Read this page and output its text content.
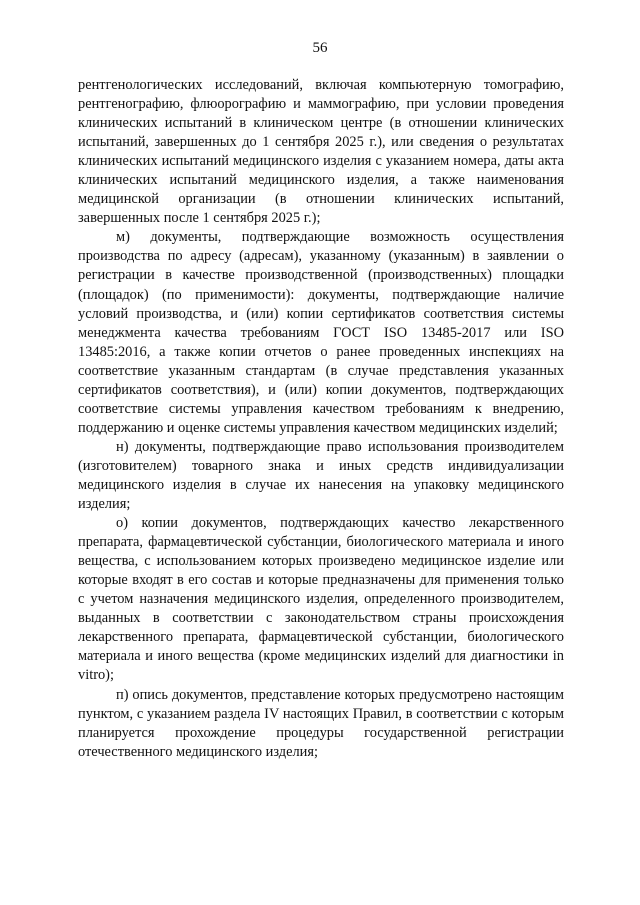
56

рентгенологических исследований, включая компьютерную томографию, рентгенографию, флюорографию и маммографию, при условии проведения клинических испытаний в клиническом центре (в отношении клинических испытаний, завершенных до 1 сентября 2025 г.), или сведения о результатах клинических испытаний медицинского изделия с указанием номера, даты акта клинических испытаний медицинского изделия, а также наименования медицинской организации (в отношении клинических испытаний, завершенных после 1 сентября 2025 г.);

м) документы, подтверждающие возможность осуществления производства по адресу (адресам), указанному (указанным) в заявлении о регистрации в качестве производственной (производственных) площадки (площадок) (по применимости): документы, подтверждающие наличие условий производства, и (или) копии сертификатов соответствия системы менеджмента качества требованиям ГОСТ ISO 13485-2017 или ISO 13485:2016, а также копии отчетов о ранее проведенных инспекциях на соответствие указанным стандартам (в случае представления указанных сертификатов соответствия), и (или) копии документов, подтверждающих соответствие системы управления качеством требованиям к внедрению, поддержанию и оценке системы управления качеством медицинских изделий;

н) документы, подтверждающие право использования производителем (изготовителем) товарного знака и иных средств индивидуализации медицинского изделия в случае их нанесения на упаковку медицинского изделия;

о) копии документов, подтверждающих качество лекарственного препарата, фармацевтической субстанции, биологического материала и иного вещества, с использованием которых произведено медицинское изделие или которые входят в его состав и которые предназначены для применения только с учетом назначения медицинского изделия, определенного производителем, выданных в соответствии с законодательством страны происхождения лекарственного препарата, фармацевтической субстанции, биологического материала и иного вещества (кроме медицинских изделий для диагностики in vitro);

п) опись документов, представление которых предусмотрено настоящим пунктом, с указанием раздела IV настоящих Правил, в соответствии с которым планируется прохождение процедуры государственной регистрации отечественного медицинского изделия;
